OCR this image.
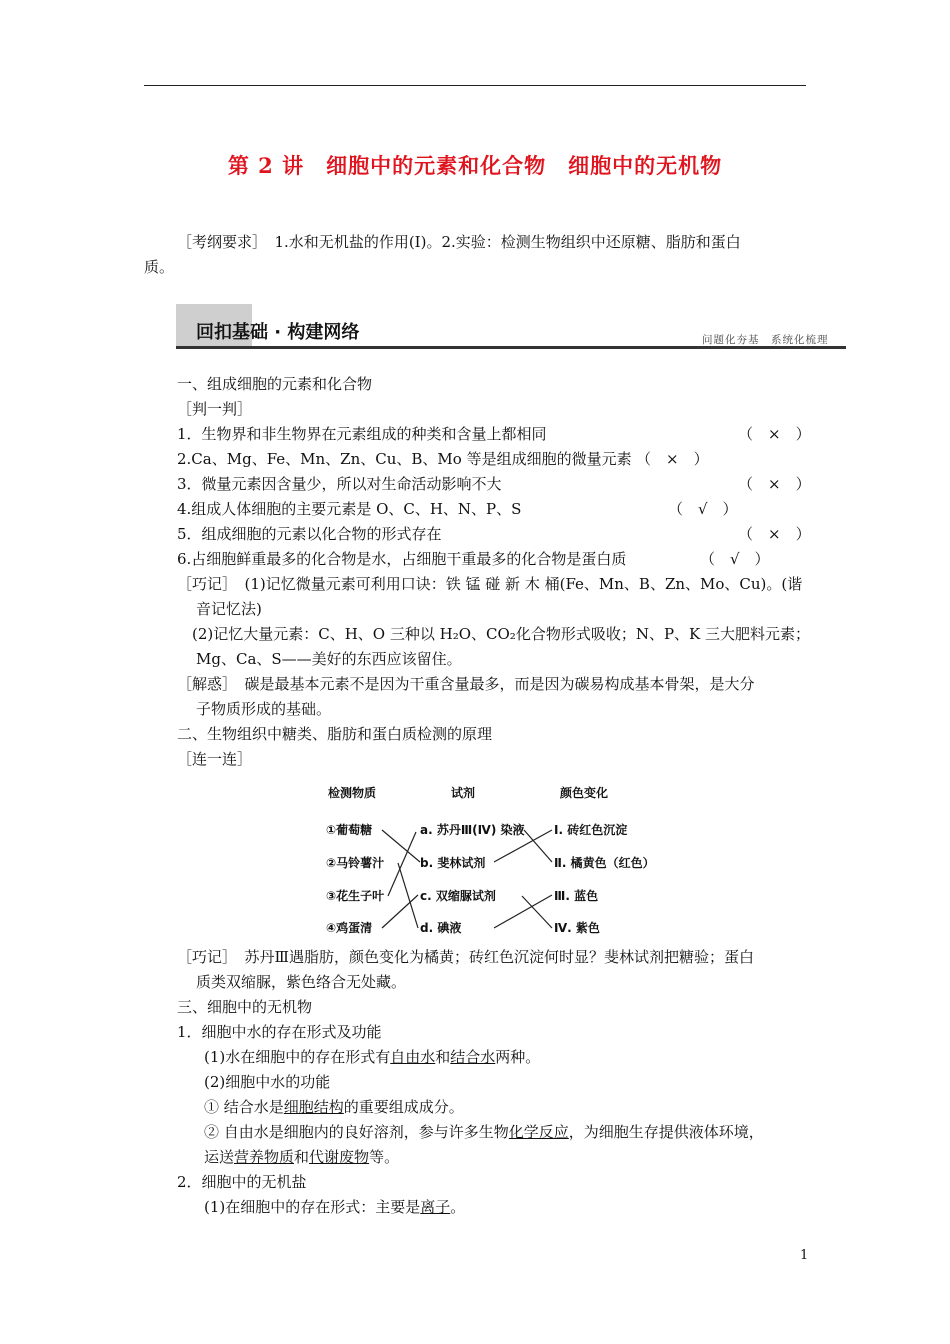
第 2 讲　细胞中的元素和化合物　细胞中的无机物
［考纲要求］　1.水和无机盐的作用(Ⅰ)。2.实验：检测生物组织中还原糖、脂肪和蛋白
质。
回扣基础 · 构建网络	问题化夯基　系统化梳理
一、组成细胞的元素和化合物
［判一判］
1．生物界和非生物界在元素组成的种类和含量上都相同	（　×　）
2.Ca、Mg、Fe、Mn、Zn、Cu、B、Mo 等是组成细胞的微量元素 （　×　）
3．微量元素因含量少，所以对生命活动影响不大	（　×　）
4.组成人体细胞的主要元素是 O、C、H、N、P、S	（　√　）
5．组成细胞的元素以化合物的形式存在	（　×　）
6.占细胞鲜重最多的化合物是水，占细胞干重最多的化合物是蛋白质	（　√　）
［巧记］　(1)记忆微量元素可利用口诀：铁 锰 碰 新 木 桶(Fe、Mn、B、Zn、Mo、Cu)。(谐
音记忆法)
(2)记忆大量元素：C、H、O 三种以 H₂O、CO₂化合物形式吸收；N、P、K 三大肥料元素；
Mg、Ca、S——美好的东西应该留住。
［解惑］　碳是最基本元素不是因为干重含量最多，而是因为碳易构成基本骨架，是大分
子物质形成的基础。
二、生物组织中糖类、脂肪和蛋白质检测的原理
［连一连］
检测物质	试剂	颜色变化
①葡萄糖
②马铃薯汁
③花生子叶
④鸡蛋清
a. 苏丹Ⅲ(Ⅳ) 染液
b. 斐林试剂
c. 双缩脲试剂
d. 碘液
Ⅰ. 砖红色沉淀
Ⅱ. 橘黄色（红色）
Ⅲ. 蓝色
Ⅳ. 紫色
［巧记］　苏丹Ⅲ遇脂肪，颜色变化为橘黄；砖红色沉淀何时显？斐林试剂把糖验；蛋白
质类双缩脲，紫色络合无处藏。
三、细胞中的无机物
1．细胞中水的存在形式及功能
(1)水在细胞中的存在形式有自由水和结合水两种。
(2)细胞中水的功能
① 结合水是细胞结构的重要组成成分。
② 自由水是细胞内的良好溶剂，参与许多生物化学反应，为细胞生存提供液体环境，
运送营养物质和代谢废物等。
2．细胞中的无机盐
(1)在细胞中的存在形式：主要是离子。
1
